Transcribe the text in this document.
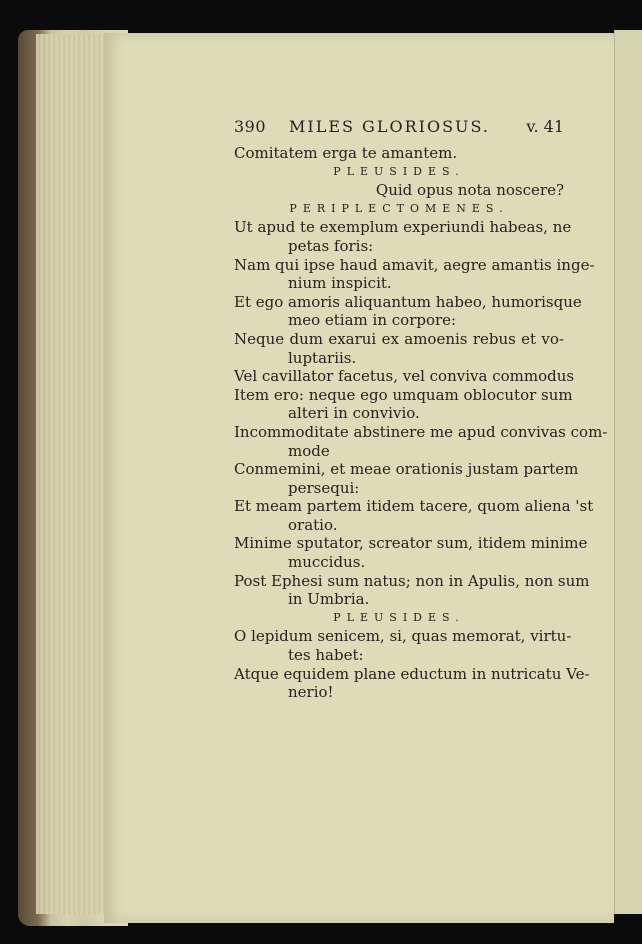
390 MILES GLORIOSUS. v. 41
Comitatem erga te amantem.
PLEUSIDES.
Quid opus nota noscere?
PERIPLECTOMENES.
Ut apud te exemplum experiundi habeas, ne
petas foris:
Nam qui ipse haud amavit, aegre amantis inge-
nium inspicit.
Et ego amoris aliquantum habeo, humorisque
meo etiam in corpore:
Neque dum exarui ex amoenis rebus et vo-
luptariis.
Vel cavillator facetus, vel conviva commodus
Item ero: neque ego umquam oblocutor sum
alteri in convivio.
Incommoditate abstinere me apud convivas com-
mode
Conmemini, et meae orationis justam partem
persequi:
Et meam partem itidem tacere, quom aliena 'st
oratio.
Minime sputator, screator sum, itidem minime
muccidus.
Post Ephesi sum natus; non in Apulis, non sum
in Umbria.
PLEUSIDES.
O lepidum senicem, si, quas memorat, virtu-
tes habet:
Atque equidem plane eductum in nutricatu Ve-
nerio!
